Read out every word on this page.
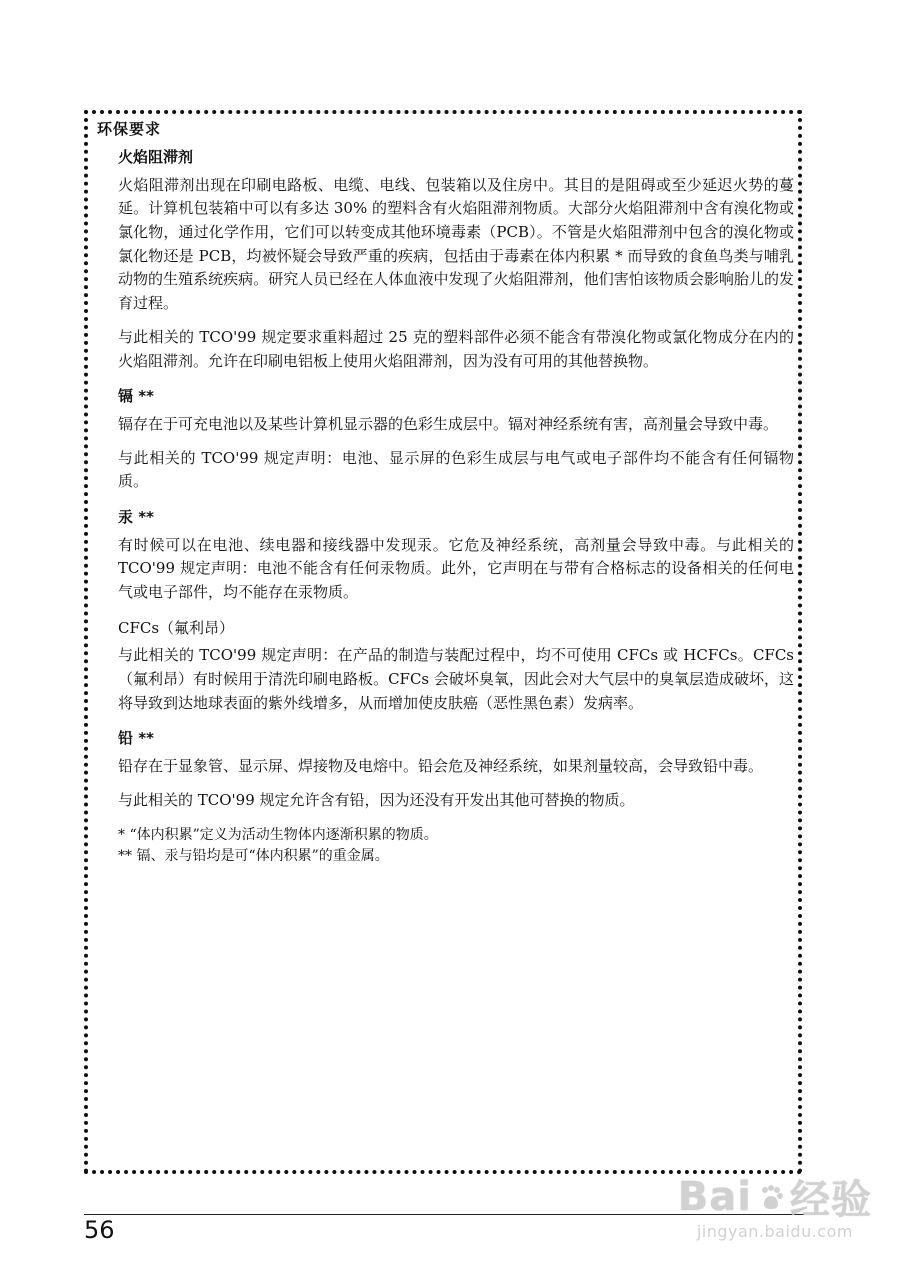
环保要求
火焰阻滞剂

火焰阻滞剂出现在印刷电路板、电缆、电线、包装箱以及住房中。其目的是阻碍或至少延迟火势的蔓延。计算机包装箱中可以有多达 30% 的塑料含有火焰阻滞剂物质。大部分火焰阻滞剂中含有溴化物或氯化物，通过化学作用，它们可以转变成其他环境毒素（PCB）。不管是火焰阻滞剂中包含的溴化物或氯化物还是 PCB，均被怀疑会导致严重的疾病，包括由于毒素在体内积累 * 而导致的食鱼鸟类与哺乳动物的生殖系统疾病。研究人员已经在人体血液中发现了火焰阻滞剂，他们害怕该物质会影响胎儿的发育过程。

与此相关的 TCO'99 规定要求重料超过 25 克的塑料部件必须不能含有带溴化物或氯化物成分在内的火焰阻滞剂。允许在印刷电铝板上使用火焰阻滞剂，因为没有可用的其他替换物。

镉 **

镉存在于可充电池以及某些计算机显示器的色彩生成层中。镉对神经系统有害，高剂量会导致中毒。

与此相关的 TCO'99 规定声明：电池、显示屏的色彩生成层与电气或电子部件均不能含有任何镉物质。

汞 **

有时候可以在电池、续电器和接线器中发现汞。它危及神经系统，高剂量会导致中毒。与此相关的 TCO'99 规定声明：电池不能含有任何汞物质。此外，它声明在与带有合格标志的设备相关的任何电气或电子部件，均不能存在汞物质。

CFCs（氟利昂）

与此相关的 TCO'99 规定声明：在产品的制造与装配过程中，均不可使用 CFCs 或 HCFCs。CFCs（氟利昂）有时候用于清洗印刷电路板。CFCs 会破坏臭氧，因此会对大气层中的臭氧层造成破坏，这将导致到达地球表面的紫外线增多，从而增加使皮肤癌（恶性黑色素）发病率。

铅 **

铅存在于显象管、显示屏、焊接物及电熔中。铅会危及神经系统，如果剂量较高，会导致铅中毒。

与此相关的 TCO'99 规定允许含有铅，因为还没有开发出其他可替换的物质。

* “体内积累”定义为活动生物体内逐渐积累的物质。
** 镉、汞与铅均是可“体内积累”的重金属。
56
Bai 经验
jingyan.baidu.com
